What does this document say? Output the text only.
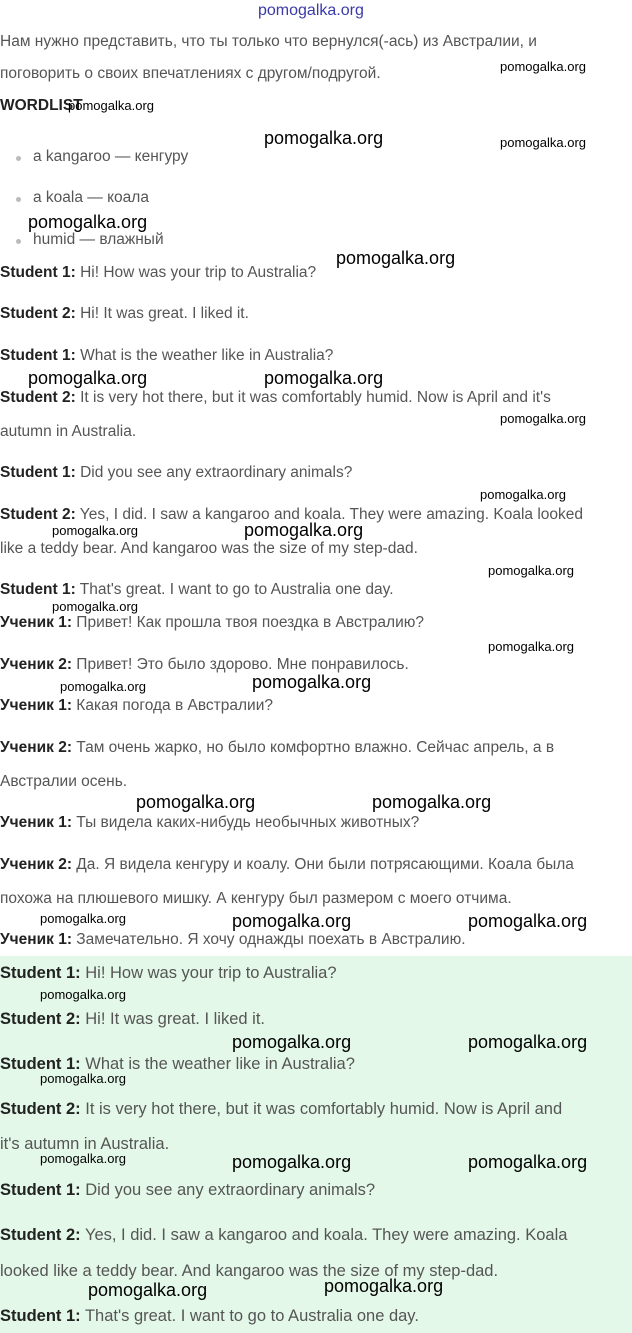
pomogalka.org
Нам нужно представить, что ты только что вернулся(-ась) из Австралии, и
поговорить о своих впечатлениях с другом/подругой.
WORDLIST
a kangaroo — кенгуру
a koala — коала
humid — влажный
Student 1: Hi! How was your trip to Australia?
Student 2: Hi! It was great. I liked it.
Student 1: What is the weather like in Australia?
Student 2: It is very hot there, but it was comfortably humid. Now is April and it's
autumn in Australia.
Student 1: Did you see any extraordinary animals?
Student 2: Yes, I did. I saw a kangaroo and koala. They were amazing. Koala looked
like a teddy bear. And kangaroo was the size of my step-dad.
Student 1: That's great. I want to go to Australia one day.
Ученик 1: Привет! Как прошла твоя поездка в Австралию?
Ученик 2: Привет! Это было здорово. Мне понравилось.
Ученик 1: Какая погода в Австралии?
Ученик 2: Там очень жарко, но было комфортно влажно. Сейчас апрель, а в
Австралии осень.
Ученик 1: Ты видела каких-нибудь необычных животных?
Ученик 2: Да. Я видела кенгуру и коалу. Они были потрясающими. Коала была
похожа на плюшевого мишку. А кенгуру был размером с моего отчима.
Ученик 1: Замечательно. Я хочу однажды поехать в Австралию.
Student 1: Hi! How was your trip to Australia?
Student 2: Hi! It was great. I liked it.
Student 1: What is the weather like in Australia?
Student 2: It is very hot there, but it was comfortably humid. Now is April and
it's autumn in Australia.
Student 1: Did you see any extraordinary animals?
Student 2: Yes, I did. I saw a kangaroo and koala. They were amazing. Koala
looked like a teddy bear. And kangaroo was the size of my step-dad.
Student 1: That's great. I want to go to Australia one day.
pomogalka.org
pomogalka.org
pomogalka.org	pomogalka.org
pomogalka.org
pomogalka.org
pomogalka.org	pomogalka.org
pomogalka.org
pomogalka.org
pomogalka.org	pomogalka.org
pomogalka.org
pomogalka.org
pomogalka.org
pomogalka.org	pomogalka.org
pomogalka.org	pomogalka.org
pomogalka.org	pomogalka.org	pomogalka.org
pomogalka.org
pomogalka.org	pomogalka.org
pomogalka.org
pomogalka.org	pomogalka.org	pomogalka.org
pomogalka.org	pomogalka.org
